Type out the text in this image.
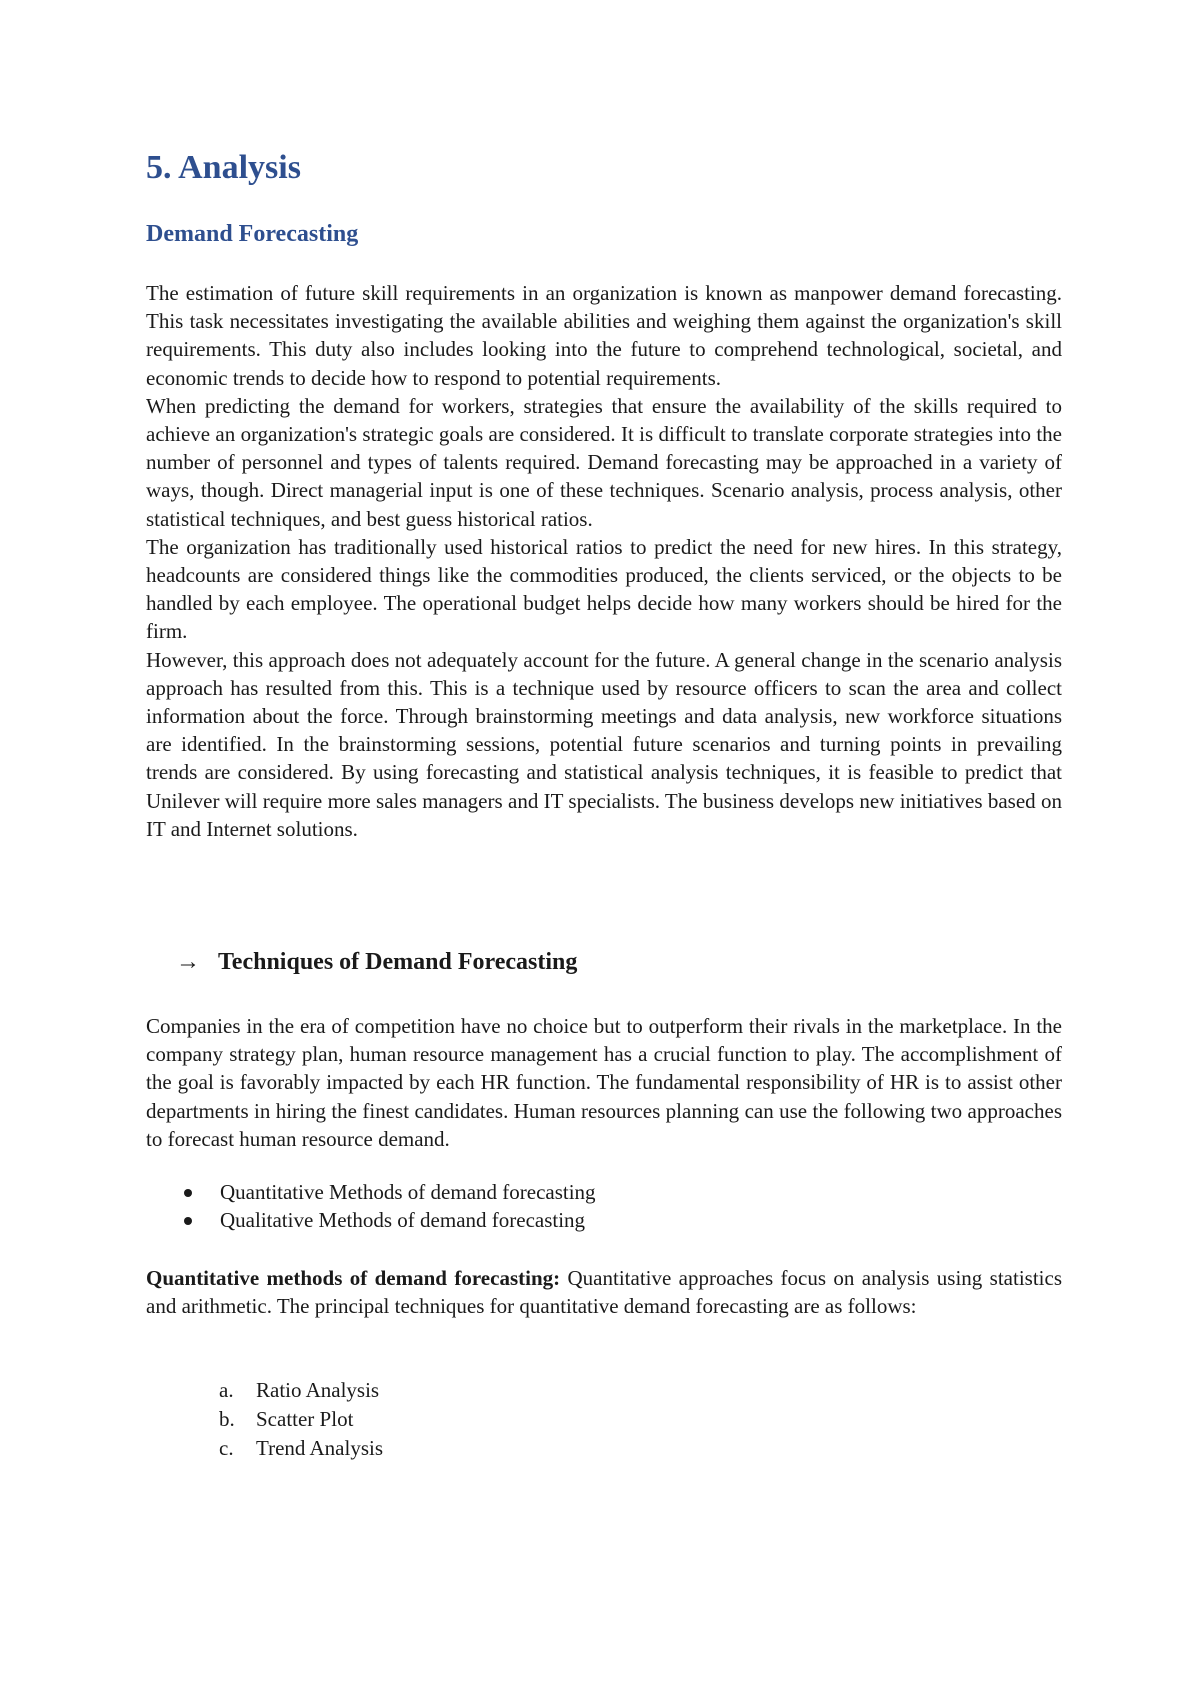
5. Analysis
Demand Forecasting

The estimation of future skill requirements in an organization is known as manpower demand forecasting. This task necessitates investigating the available abilities and weighing them against the organization's skill requirements. This duty also includes looking into the future to comprehend technological, societal, and economic trends to decide how to respond to potential requirements.

When predicting the demand for workers, strategies that ensure the availability of the skills required to achieve an organization's strategic goals are considered. It is difficult to translate corporate strategies into the number of personnel and types of talents required. Demand forecasting may be approached in a variety of ways, though. Direct managerial input is one of these techniques. Scenario analysis, process analysis, other statistical techniques, and best guess historical ratios.

The organization has traditionally used historical ratios to predict the need for new hires. In this strategy, headcounts are considered things like the commodities produced, the clients serviced, or the objects to be handled by each employee. The operational budget helps decide how many workers should be hired for the firm.

However, this approach does not adequately account for the future. A general change in the scenario analysis approach has resulted from this. This is a technique used by resource officers to scan the area and collect information about the force. Through brainstorming meetings and data analysis, new workforce situations are identified. In the brainstorming sessions, potential future scenarios and turning points in prevailing trends are considered. By using forecasting and statistical analysis techniques, it is feasible to predict that Unilever will require more sales managers and IT specialists. The business develops new initiatives based on IT and Internet solutions.

→ Techniques of Demand Forecasting

Companies in the era of competition have no choice but to outperform their rivals in the marketplace. In the company strategy plan, human resource management has a crucial function to play. The accomplishment of the goal is favorably impacted by each HR function. The fundamental responsibility of HR is to assist other departments in hiring the finest candidates. Human resources planning can use the following two approaches to forecast human resource demand.

Quantitative Methods of demand forecasting
Qualitative Methods of demand forecasting

Quantitative methods of demand forecasting: Quantitative approaches focus on analysis using statistics and arithmetic. The principal techniques for quantitative demand forecasting are as follows:

a. Ratio Analysis
b. Scatter Plot
c. Trend Analysis
